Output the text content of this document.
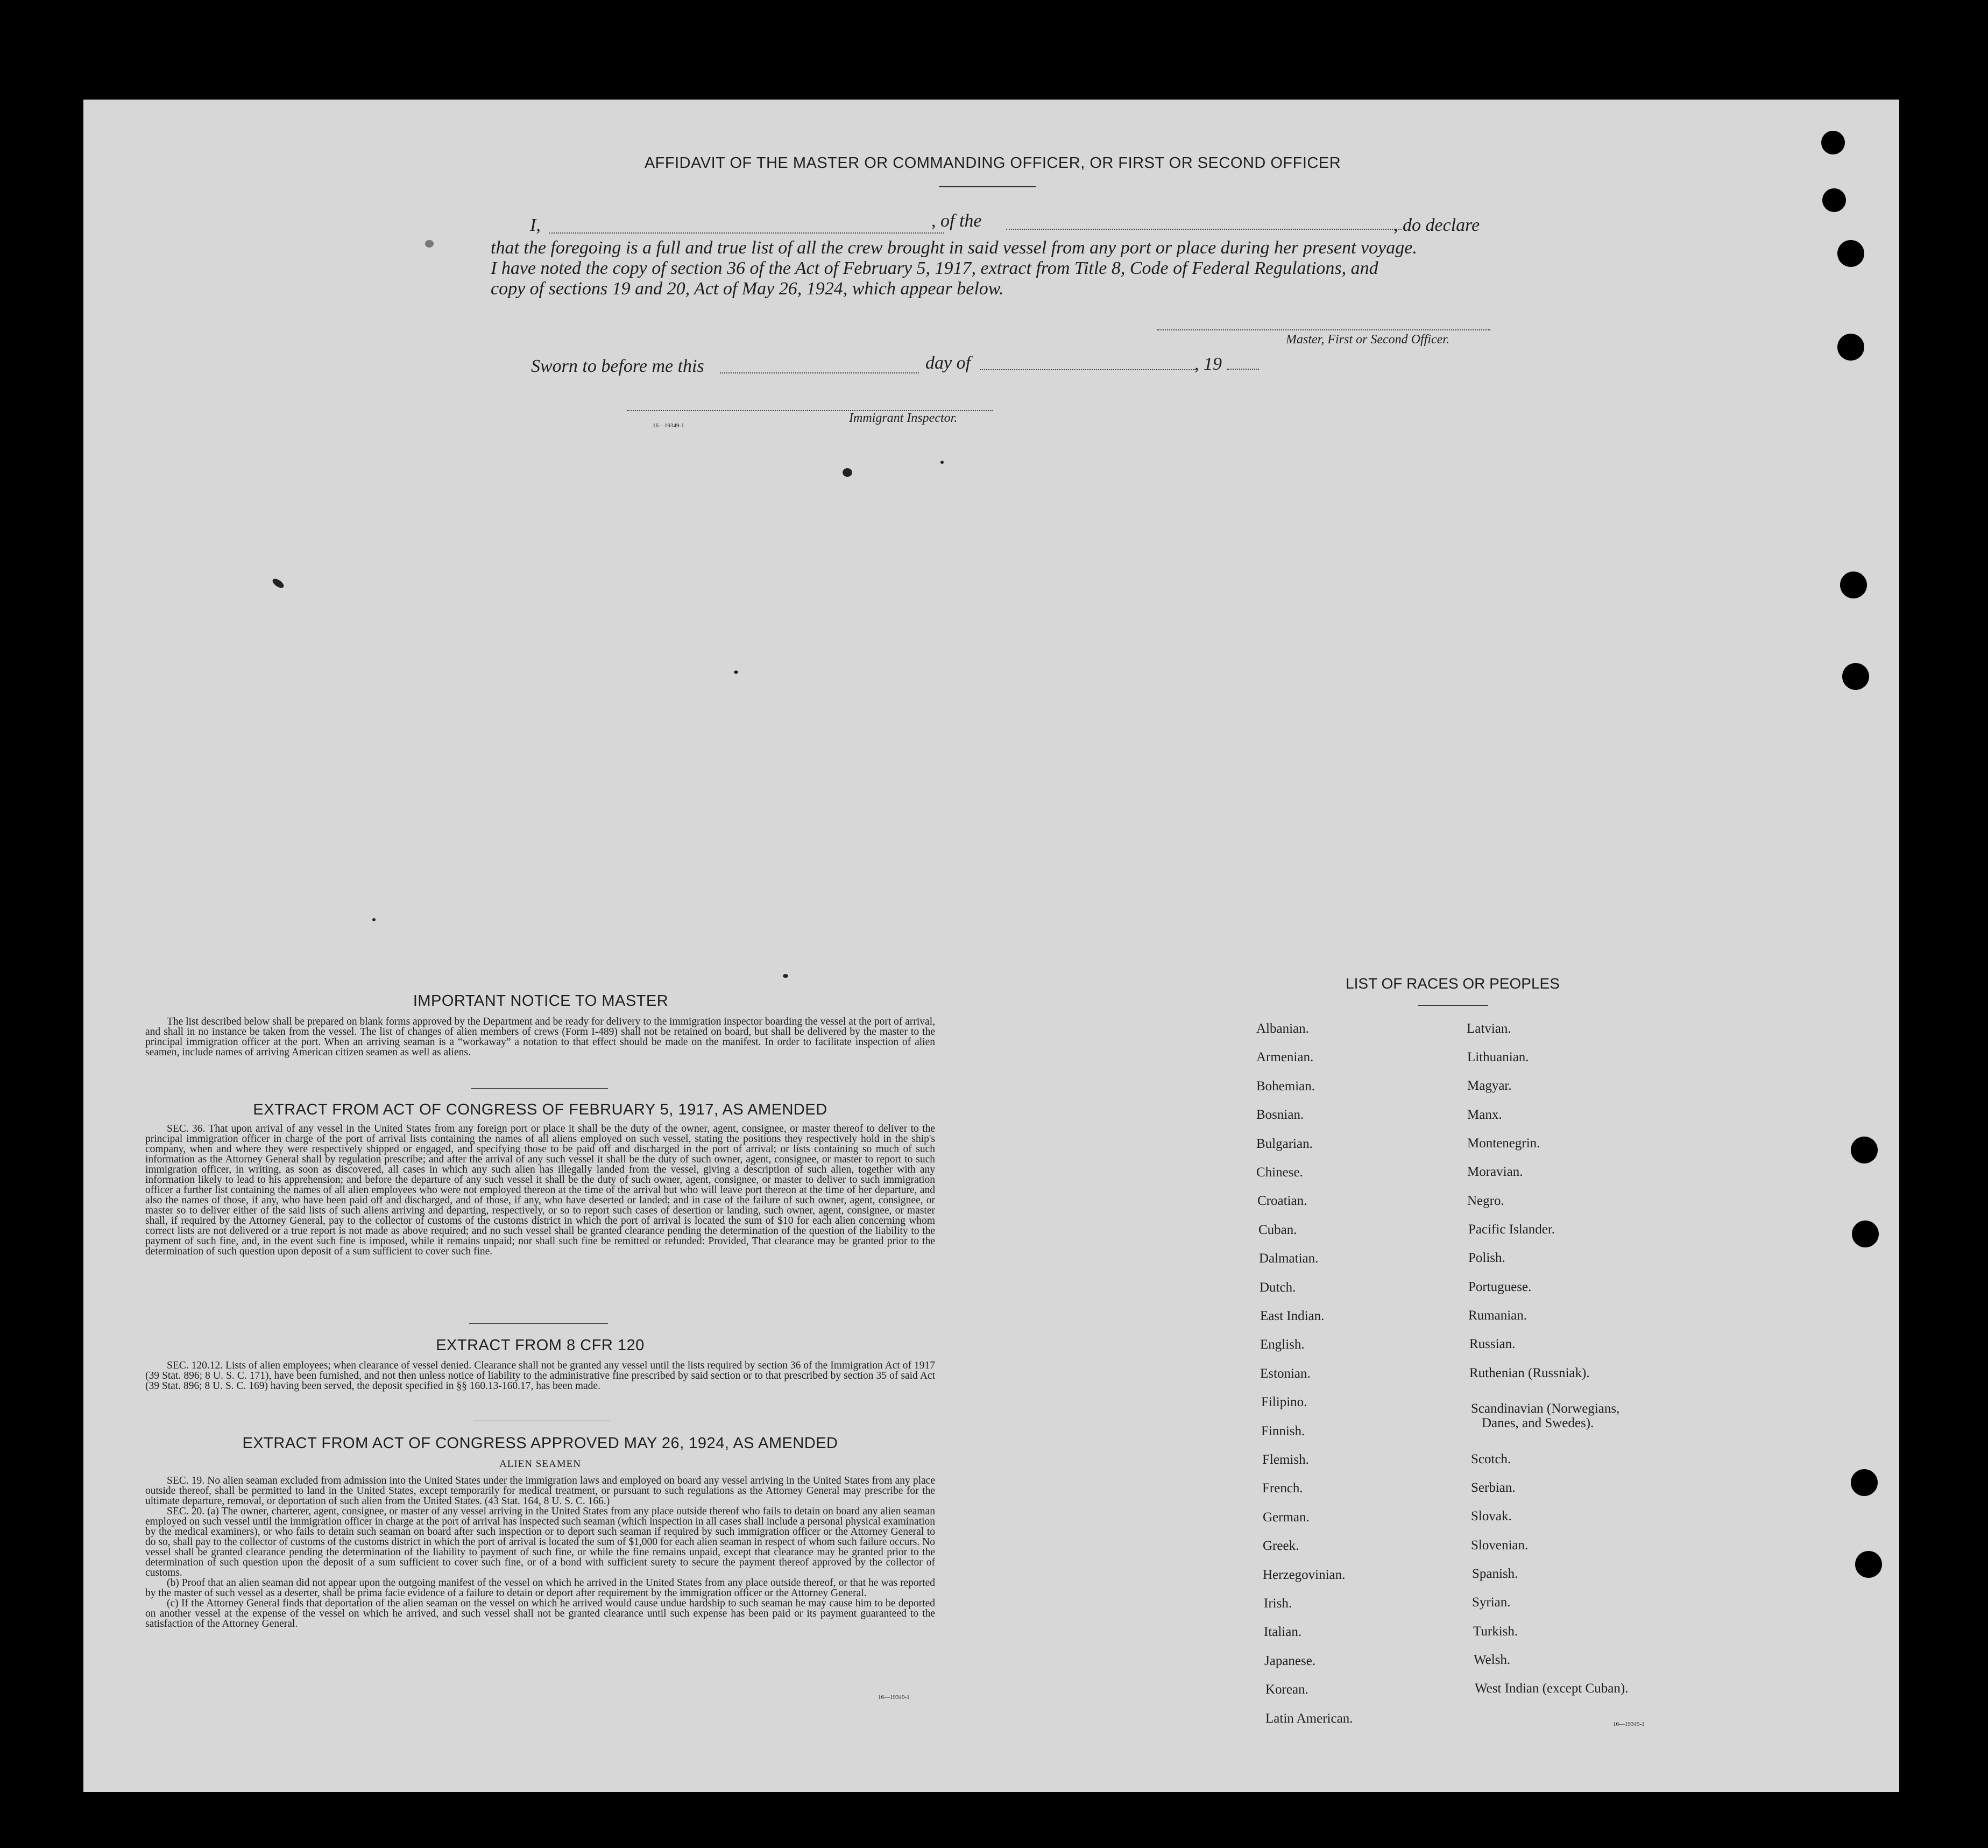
AFFIDAVIT OF THE MASTER OR COMMANDING OFFICER, OR FIRST OR SECOND OFFICER
I,	, of the	, do declare
that the foregoing is a full and true list of all the crew brought in said vessel from any port or place during her present voyage.
I have noted the copy of section 36 of the Act of February 5, 1917, extract from Title 8, Code of Federal Regulations, and
copy of sections 19 and 20, Act of May 26, 1924, which appear below.
Master, First or Second Officer.
Sworn to before me this	day of	, 19
16—19349-1
Immigrant Inspector.
IMPORTANT NOTICE TO MASTER

The list described below shall be prepared on blank forms approved by the Department and be ready for delivery to the immigration inspector boarding the vessel at the port of arrival, and shall in no instance be taken from the vessel. The list of changes of alien members of crews (Form I-489) shall not be retained on board, but shall be delivered by the master to the principal immigration officer at the port. When an arriving seaman is a “workaway” a notation to that effect should be made on the manifest. In order to facilitate inspection of alien seamen, include names of arriving American citizen seamen as well as aliens.

EXTRACT FROM ACT OF CONGRESS OF FEBRUARY 5, 1917, AS AMENDED

SEC. 36. That upon arrival of any vessel in the United States from any foreign port or place it shall be the duty of the owner, agent, consignee, or master thereof to deliver to the principal immigration officer in charge of the port of arrival lists containing the names of all aliens employed on such vessel, stating the positions they respectively hold in the ship's company, when and where they were respectively shipped or engaged, and specifying those to be paid off and discharged in the port of arrival; or lists containing so much of such information as the Attorney General shall by regulation prescribe; and after the arrival of any such vessel it shall be the duty of such owner, agent, consignee, or master to report to such immigration officer, in writing, as soon as discovered, all cases in which any such alien has illegally landed from the vessel, giving a description of such alien, together with any information likely to lead to his apprehension; and before the departure of any such vessel it shall be the duty of such owner, agent, consignee, or master to deliver to such immigration officer a further list containing the names of all alien employees who were not employed thereon at the time of the arrival but who will leave port thereon at the time of her departure, and also the names of those, if any, who have been paid off and discharged, and of those, if any, who have deserted or landed; and in case of the failure of such owner, agent, consignee, or master so to deliver either of the said lists of such aliens arriving and departing, respectively, or so to report such cases of desertion or landing, such owner, agent, consignee, or master shall, if required by the Attorney General, pay to the collector of customs of the customs district in which the port of arrival is located the sum of $10 for each alien concerning whom correct lists are not delivered or a true report is not made as above required; and no such vessel shall be granted clearance pending the determination of the question of the liability to the payment of such fine, and, in the event such fine is imposed, while it remains unpaid; nor shall such fine be remitted or refunded: Provided, That clearance may be granted prior to the determination of such question upon deposit of a sum sufficient to cover such fine.

EXTRACT FROM 8 CFR 120

SEC. 120.12. Lists of alien employees; when clearance of vessel denied. Clearance shall not be granted any vessel until the lists required by section 36 of the Immigration Act of 1917 (39 Stat. 896; 8 U. S. C. 171), have been furnished, and not then unless notice of liability to the administrative fine prescribed by said section or to that prescribed by section 35 of said Act (39 Stat. 896; 8 U. S. C. 169) having been served, the deposit specified in §§ 160.13-160.17, has been made.

EXTRACT FROM ACT OF CONGRESS APPROVED MAY 26, 1924, AS AMENDED
ALIEN SEAMEN

SEC. 19. No alien seaman excluded from admission into the United States under the immigration laws and employed on board any vessel arriving in the United States from any place outside thereof, shall be permitted to land in the United States, except temporarily for medical treatment, or pursuant to such regulations as the Attorney General may prescribe for the ultimate departure, removal, or deportation of such alien from the United States. (43 Stat. 164, 8 U. S. C. 166.)

SEC. 20. (a) The owner, charterer, agent, consignee, or master of any vessel arriving in the United States from any place outside thereof who fails to detain on board any alien seaman employed on such vessel until the immigration officer in charge at the port of arrival has inspected such seaman (which inspection in all cases shall include a personal physical examination by the medical examiners), or who fails to detain such seaman on board after such inspection or to deport such seaman if required by such immigration officer or the Attorney General to do so, shall pay to the collector of customs of the customs district in which the port of arrival is located the sum of $1,000 for each alien seaman in respect of whom such failure occurs. No vessel shall be granted clearance pending the determination of the liability to payment of such fine, or while the fine remains unpaid, except that clearance may be granted prior to the determination of such question upon the deposit of a sum sufficient to cover such fine, or of a bond with sufficient surety to secure the payment thereof approved by the collector of customs.

(b) Proof that an alien seaman did not appear upon the outgoing manifest of the vessel on which he arrived in the United States from any place outside thereof, or that he was reported by the master of such vessel as a deserter, shall be prima facie evidence of a failure to detain or deport after requirement by the immigration officer or the Attorney General.

(c) If the Attorney General finds that deportation of the alien seaman on the vessel on which he arrived would cause undue hardship to such seaman he may cause him to be deported on another vessel at the expense of the vessel on which he arrived, and such vessel shall not be granted clearance until such expense has been paid or its payment guaranteed to the satisfaction of the Attorney General.

16—19349-1
LIST OF RACES OR PEOPLES
Albanian.
Armenian.
Bohemian.
Bosnian.
Bulgarian.
Chinese.
Croatian.
Cuban.
Dalmatian.
Dutch.
East Indian.
English.
Estonian.
Filipino.
Finnish.
Flemish.
French.
German.
Greek.
Herzegovinian.
Irish.
Italian.
Japanese.
Korean.
Latin American.
Latvian.
Lithuanian.
Magyar.
Manx.
Montenegrin.
Moravian.
Negro.
Pacific Islander.
Polish.
Portuguese.
Rumanian.
Russian.
Ruthenian (Russniak).
Scandinavian (Norwegians,
Danes, and Swedes).
Scotch.
Serbian.
Slovak.
Slovenian.
Spanish.
Syrian.
Turkish.
Welsh.
West Indian (except Cuban).
16—19349-1
